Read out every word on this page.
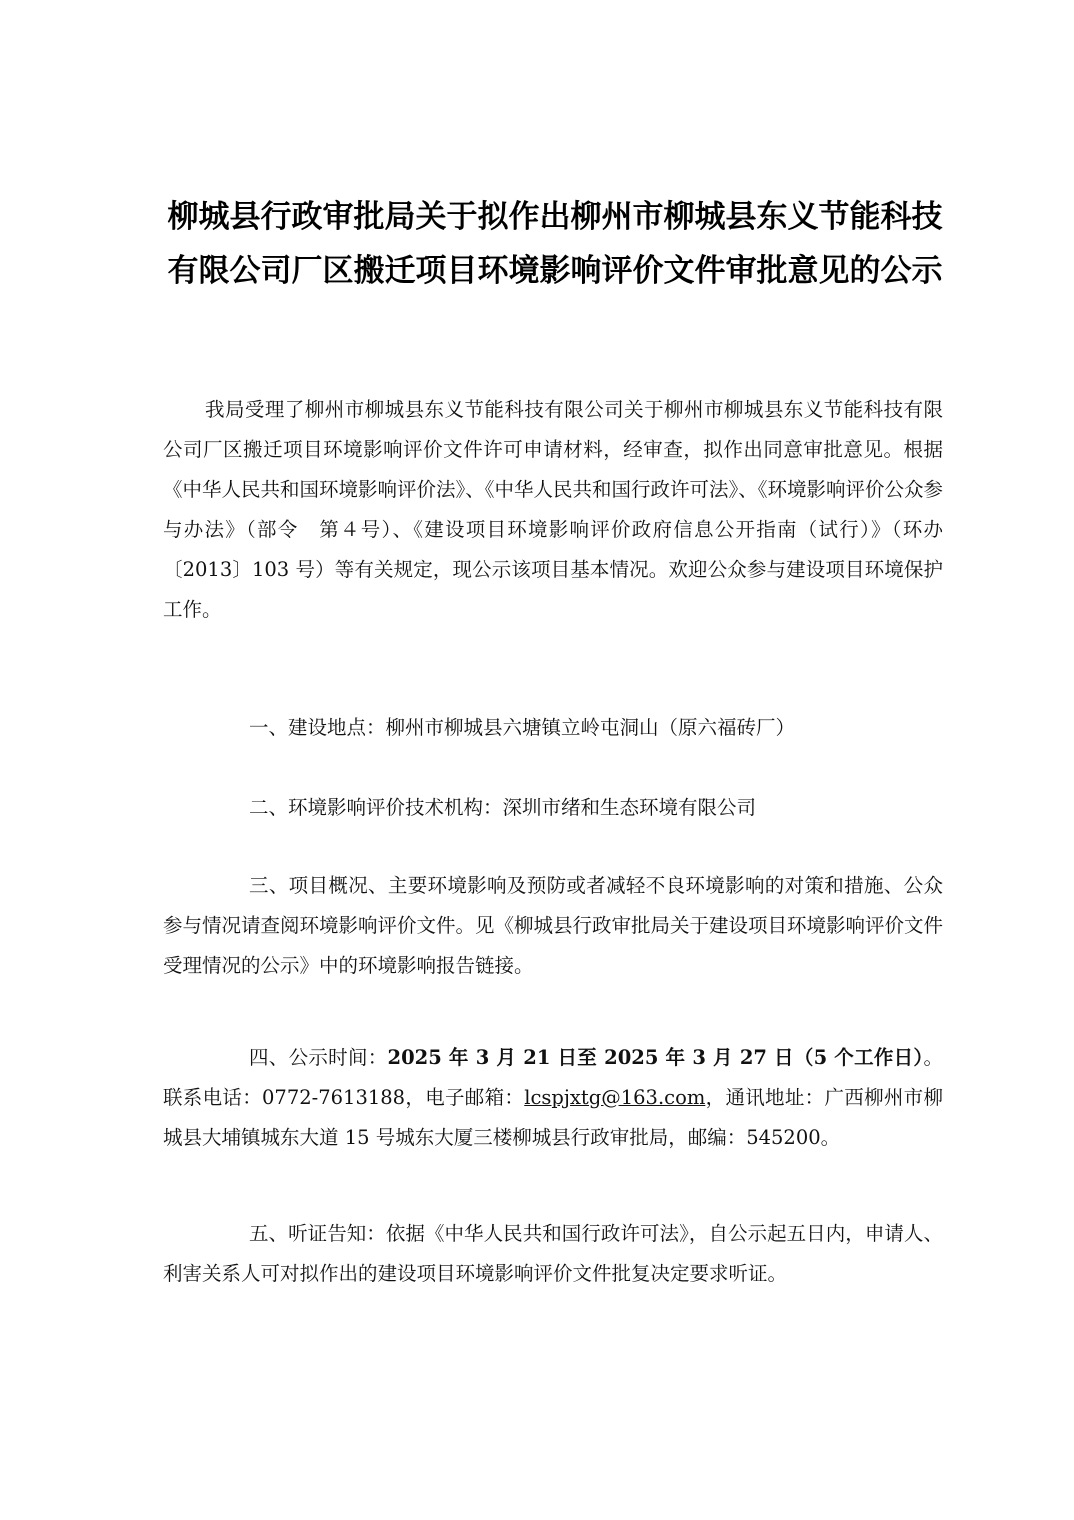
柳城县行政审批局关于拟作出柳州市柳城县东义节能科技有限公司厂区搬迁项目环境影响评价文件审批意见的公示

我局受理了柳州市柳城县东义节能科技有限公司关于柳州市柳城县东义节能科技有限公司厂区搬迁项目环境影响评价文件许可申请材料，经审查，拟作出同意审批意见。根据《中华人民共和国环境影响评价法》、《中华人民共和国行政许可法》、《环境影响评价公众参与办法》（部令　第４号）、《建设项目环境影响评价政府信息公开指南（试行）》（环办〔2013〕103 号）等有关规定，现公示该项目基本情况。欢迎公众参与建设项目环境保护工作。

一、建设地点：柳州市柳城县六塘镇立岭屯洞山（原六福砖厂）

二、环境影响评价技术机构：深圳市绪和生态环境有限公司

三、项目概况、主要环境影响及预防或者减轻不良环境影响的对策和措施、公众参与情况请查阅环境影响评价文件。见《柳城县行政审批局关于建设项目环境影响评价文件受理情况的公示》中的环境影响报告链接。

四、公示时间：2025 年 3 月 21 日至 2025 年 3 月 27 日（5 个工作日）。联系电话：0772-7613188，电子邮箱：lcspjxtg@163.com，通讯地址：广西柳州市柳城县大埔镇城东大道 15 号城东大厦三楼柳城县行政审批局，邮编：545200。

五、听证告知：依据《中华人民共和国行政许可法》，自公示起五日内，申请人、利害关系人可对拟作出的建设项目环境影响评价文件批复决定要求听证。
